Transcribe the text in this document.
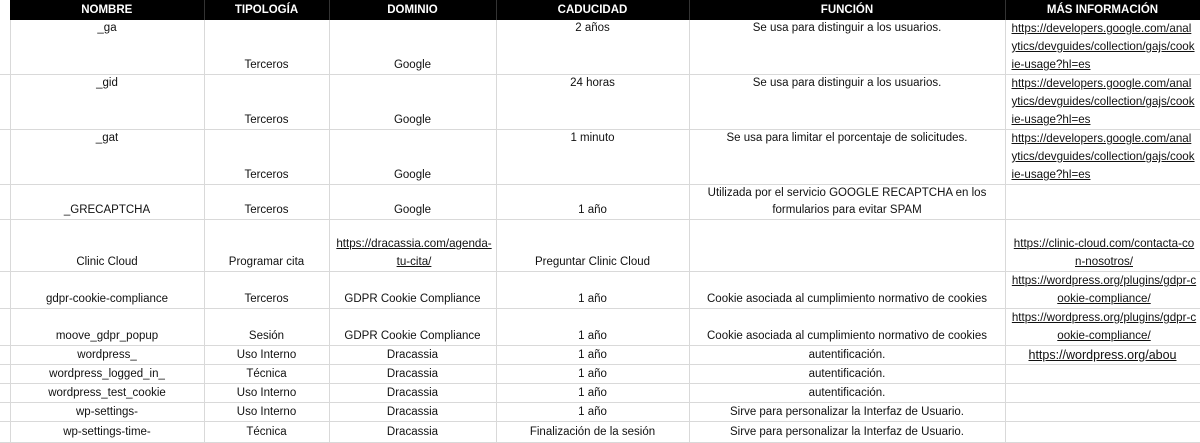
	NOMBRE	TIPOLOGÍA	DOMINIO	CADUCIDAD	FUNCIÓN	MÁS INFORMACIÓN
	_ga	Terceros	Google	2 años	Se usa para distinguir a los usuarios.	https://developers.google.com/analytics/devguides/collection/gajs/cookie-usage?hl=es
	_gid	Terceros	Google	24 horas	Se usa para distinguir a los usuarios.	https://developers.google.com/analytics/devguides/collection/gajs/cookie-usage?hl=es
	_gat	Terceros	Google	1 minuto	Se usa para limitar el porcentaje de solicitudes.	https://developers.google.com/analytics/devguides/collection/gajs/cookie-usage?hl=es
	_GRECAPTCHA	Terceros	Google	1 año	Utilizada por el servicio GOOGLE RECAPTCHA en los formularios para evitar SPAM	
	Clinic Cloud	Programar cita	https://dracassia.com/agenda-tu-cita/	Preguntar Clinic Cloud		https://clinic-cloud.com/contacta-con-nosotros/
	gdpr-cookie-compliance	Terceros	GDPR Cookie Compliance	1 año	Cookie asociada al cumplimiento normativo de cookies	https://wordpress.org/plugins/gdpr-cookie-compliance/
	moove_gdpr_popup	Sesión	GDPR Cookie Compliance	1 año	Cookie asociada al cumplimiento normativo de cookies	https://wordpress.org/plugins/gdpr-cookie-compliance/
	wordpress_	Uso Interno	Dracassia	1 año	autentificación.	https://wordpress.org/abou
	wordpress_logged_in_	Técnica	Dracassia	1 año	autentificación.	
	wordpress_test_cookie	Uso Interno	Dracassia	1 año	autentificación.	
	wp-settings-	Uso Interno	Dracassia	1 año	Sirve para personalizar la Interfaz de Usuario.	
	wp-settings-time-	Técnica	Dracassia	Finalización de la sesión	Sirve para personalizar la Interfaz de Usuario.	
